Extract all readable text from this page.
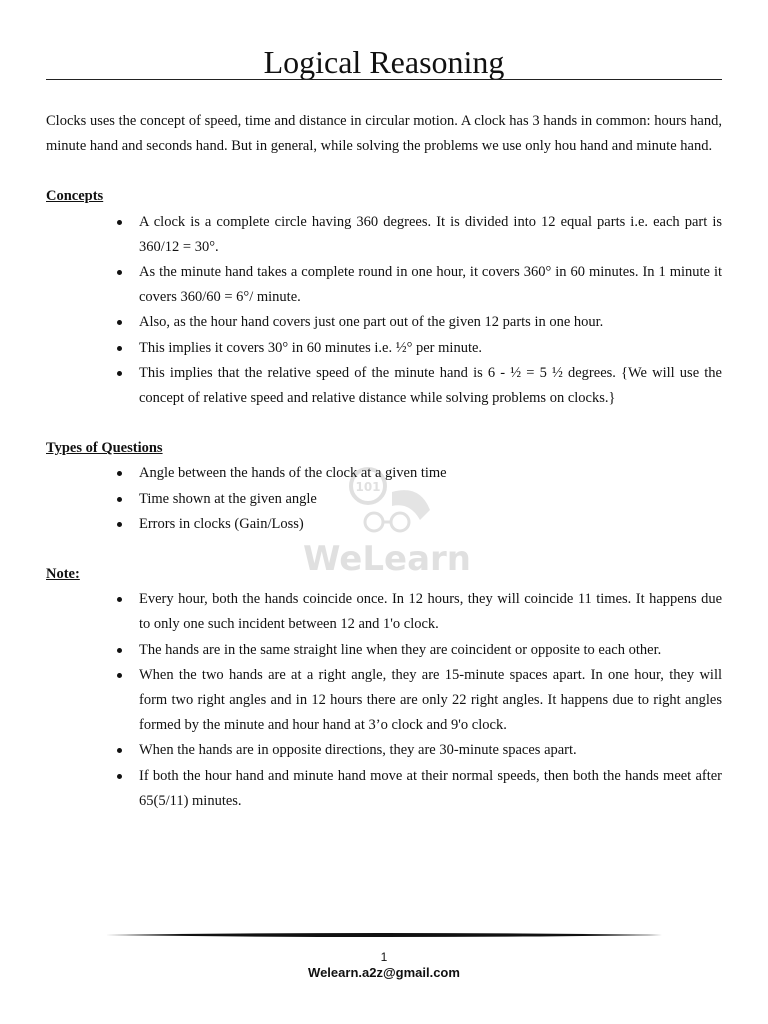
Logical Reasoning

Clocks uses the concept of speed, time and distance in circular motion. A clock has 3 hands in common: hours hand, minute hand and seconds hand. But in general, while solving the problems we use only hou hand and minute hand.

Concepts

A clock is a complete circle having 360 degrees. It is divided into 12 equal parts i.e. each part is 360/12 = 30°.
As the minute hand takes a complete round in one hour, it covers 360° in 60 minutes. In 1 minute it covers 360/60 = 6°/ minute.
Also, as the hour hand covers just one part out of the given 12 parts in one hour.
This implies it covers 30° in 60 minutes i.e. ½° per minute.
This implies that the relative speed of the minute hand is 6 - ½ = 5 ½ degrees. {We will use the concept of relative speed and relative distance while solving problems on clocks.}

Types of Questions

Angle between the hands of the clock at a given time
Time shown at the given angle
Errors in clocks (Gain/Loss)

Note:

Every hour, both the hands coincide once. In 12 hours, they will coincide 11 times. It happens due to only one such incident between 12 and 1'o clock.
The hands are in the same straight line when they are coincident or opposite to each other.
When the two hands are at a right angle, they are 15-minute spaces apart. In one hour, they will form two right angles and in 12 hours there are only 22 right angles. It happens due to right angles formed by the minute and hour hand at 3’o clock and 9'o clock.
When the hands are in opposite directions, they are 30-minute spaces apart.
If both the hour hand and minute hand move at their normal speeds, then both the hands meet after 65(5/11) minutes.
101
WeLearn
1
Welearn.a2z@gmail.com
